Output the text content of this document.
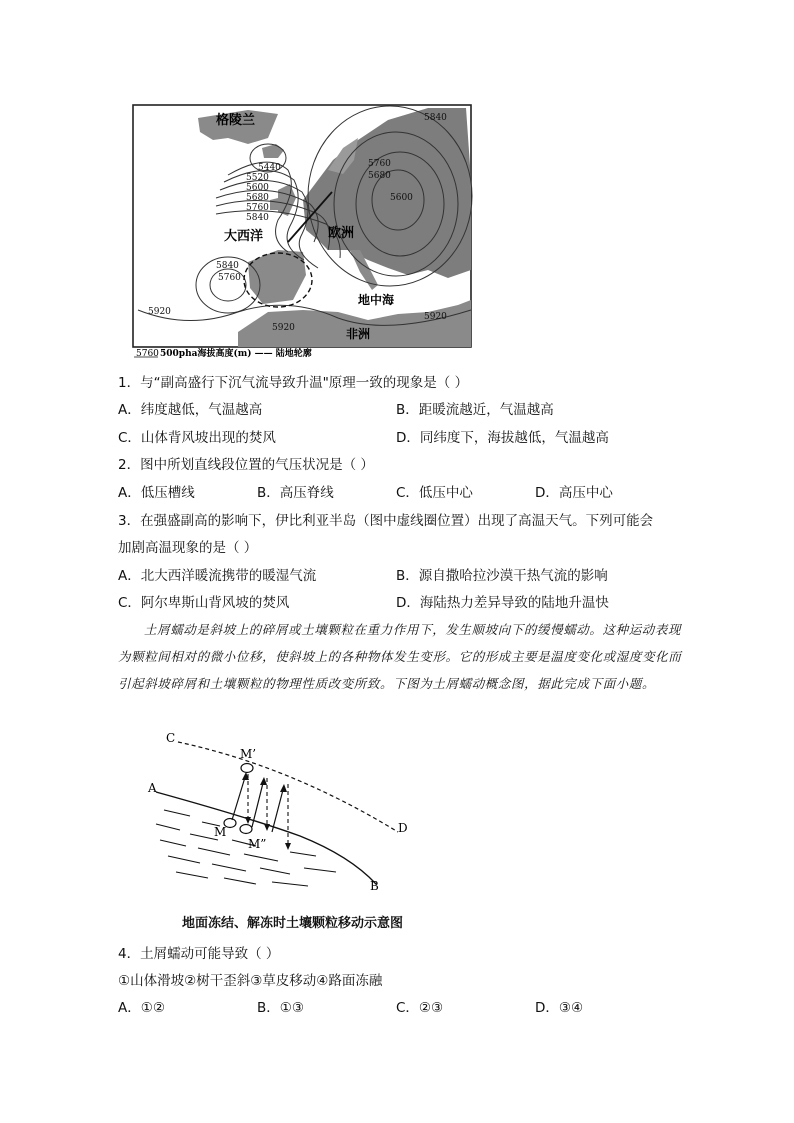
格陵兰
大西洋	欧洲
地中海
非洲
5840
5440
5520
5600
5680
5760
5840
5760
5680
5600
5840
5760
5920
5920
5920
5760 500pha海拔高度(m) —— 陆地轮廓
1．与“副高盛行下沉气流导致升温"原理一致的现象是（ ）
A．纬度越低，气温越高	B．距暖流越近，气温越高
C．山体背风坡出现的焚风	D．同纬度下，海拔越低，气温越高
2．图中所划直线段位置的气压状况是（ ）
A．低压槽线	B．高压脊线	C．低压中心	D．高压中心
3．在强盛副高的影响下，伊比利亚半岛（图中虚线圈位置）出现了高温天气。下列可能会
加剧高温现象的是（ ）
A．北大西洋暖流携带的暖湿气流	B．源自撒哈拉沙漠干热气流的影响
C．阿尔卑斯山背风坡的焚风	D．海陆热力差异导致的陆地升温快
土屑蠕动是斜坡上的碎屑或土壤颗粒在重力作用下，发生顺坡向下的缓慢蠕动。这种运动表现为颗粒间相对的微小位移，使斜坡上的各种物体发生变形。它的形成主要是温度变化或湿度变化而引起斜坡碎屑和土壤颗粒的物理性质改变所致。下图为土屑蠕动概念图，据此完成下面小题。
C
A
D
B
M
M’
M”
地面冻结、解冻时土壤颗粒移动示意图
4．土屑蠕动可能导致（ ）
①山体滑坡②树干歪斜③草皮移动④路面冻融
A．①②	B．①③	C．②③	D．③④
